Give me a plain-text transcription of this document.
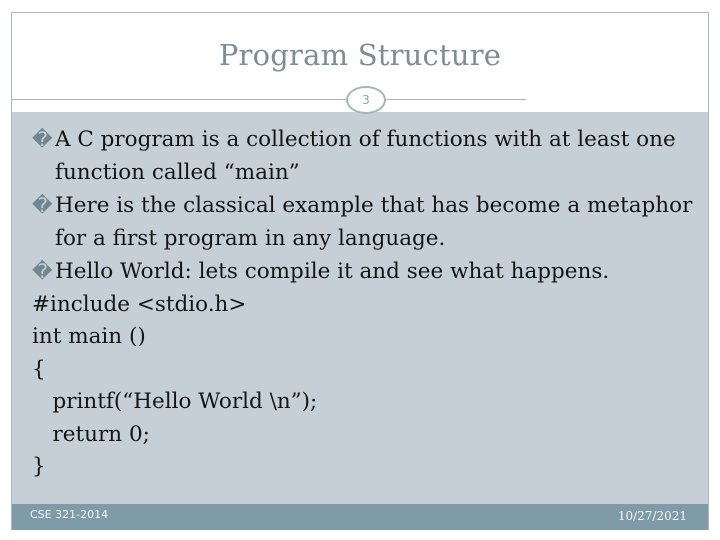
Program Structure
3
� A C program is a collection of functions with at least one function called “main”
� Here is the classical example that has become a metaphor for a first program in any language.
� Hello World: lets compile it and see what happens.
#include <stdio.h>
int main ()
{
printf(“Hello World \n”);
return 0;
}
CSE 321-2014	10/27/2021
